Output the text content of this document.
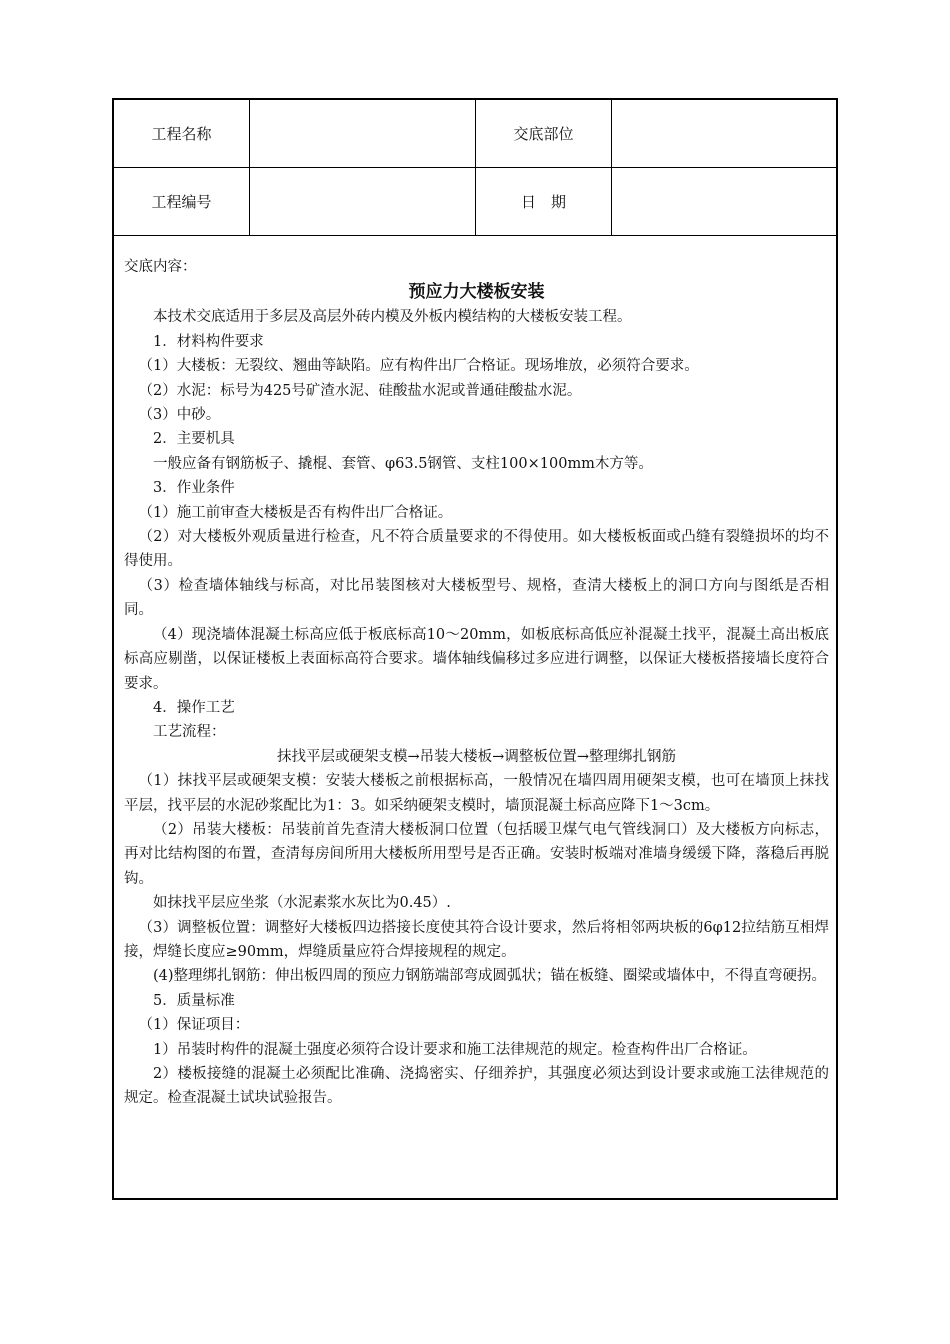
工程名称	交底部位
工程编号	日　期

交底内容：

预应力大楼板安装

本技术交底适用于多层及高层外砖内模及外板内模结构的大楼板安装工程。

1．材料构件要求

（1）大楼板：无裂纹、翘曲等缺陷。应有构件出厂合格证。现场堆放，必须符合要求。

（2）水泥：标号为425号矿渣水泥、硅酸盐水泥或普通硅酸盐水泥。

（3）中砂。

2．主要机具

一般应备有钢筋板子、撬棍、套管、φ63.5钢管、支柱100×100mm木方等。

3．作业条件

（1）施工前审查大楼板是否有构件出厂合格证。

（2）对大楼板外观质量进行检查，凡不符合质量要求的不得使用。如大楼板板面或凸缝有裂缝损坏的均不得使用。

（3）检查墙体轴线与标高，对比吊装图核对大楼板型号、规格，查清大楼板上的洞口方向与图纸是否相同。

（4）现浇墙体混凝土标高应低于板底标高10～20mm，如板底标高低应补混凝土找平，混凝土高出板底标高应剔凿，以保证楼板上表面标高符合要求。墙体轴线偏移过多应进行调整，以保证大楼板搭接墙长度符合要求。

4．操作工艺

工艺流程：

抹找平层或硬架支模→吊装大楼板→调整板位置→整理绑扎钢筋

（1）抹找平层或硬架支模：安装大楼板之前根据标高，一般情况在墙四周用硬架支模，也可在墙顶上抹找平层，找平层的水泥砂浆配比为1：3。如采纳硬架支模时，墙顶混凝土标高应降下1～3cm。

（2）吊装大楼板：吊装前首先查清大楼板洞口位置（包括暖卫煤气电气管线洞口）及大楼板方向标志，再对比结构图的布置，查清每房间所用大楼板所用型号是否正确。安装时板端对准墙身缓缓下降，落稳后再脱钩。

如抹找平层应坐浆（水泥素浆水灰比为0.45）.

（3）调整板位置：调整好大楼板四边搭接长度使其符合设计要求，然后将相邻两块板的6φ12拉结筋互相焊接，焊缝长度应≥90mm，焊缝质量应符合焊接规程的规定。

(4)整理绑扎钢筋：伸出板四周的预应力钢筋端部弯成圆弧状；锚在板缝、圈梁或墙体中，不得直弯硬拐。

5．质量标准

（1）保证项目：

1）吊装时构件的混凝土强度必须符合设计要求和施工法律规范的规定。检查构件出厂合格证。

2）楼板接缝的混凝土必须配比准确、浇捣密实、仔细养护，其强度必须达到设计要求或施工法律规范的规定。检查混凝土试块试验报告。
